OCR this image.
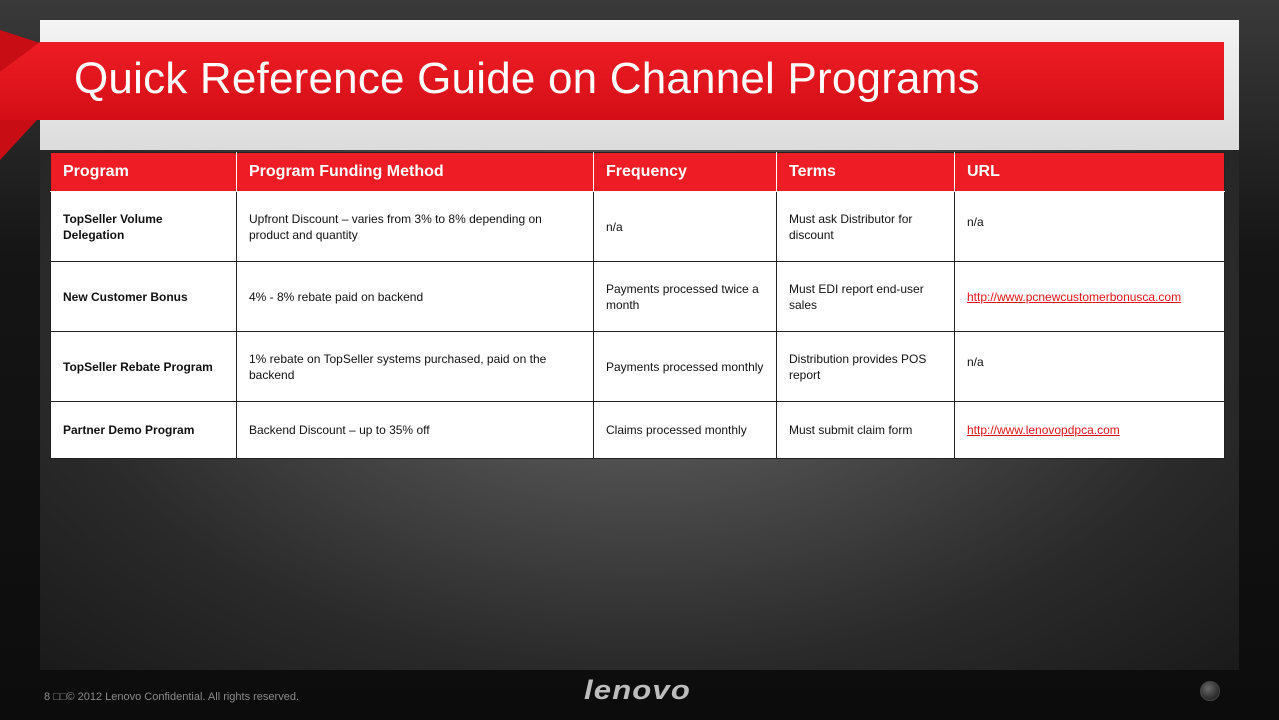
Quick Reference Guide on Channel Programs
Program	Program Funding Method	Frequency	Terms	URL
TopSeller Volume Delegation	Upfront Discount – varies from 3% to 8% depending on product and quantity	n/a	Must ask Distributor for discount	n/a
New Customer Bonus	4% - 8% rebate paid on backend	Payments processed twice a month	Must EDI report end-user sales	http://www.pcnewcustomerbonusca.com
TopSeller Rebate Program	1% rebate on TopSeller systems purchased, paid on the backend	Payments processed monthly	Distribution provides POS report	n/a
Partner Demo Program	Backend Discount – up to 35% off	Claims processed monthly	Must submit claim form	http://www.lenovopdpca.com
8 □□© 2012 Lenovo Confidential. All rights reserved.	lenovo
